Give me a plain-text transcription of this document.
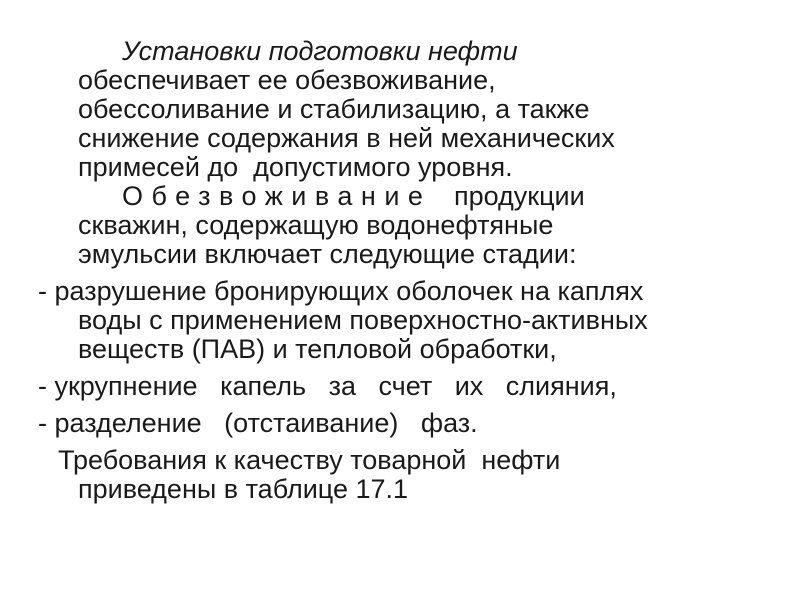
Установки подготовки нефти
обеспечивает ее обезвоживание,
обессоливание и стабилизацию, а также
снижение содержания в ней механических
примесей до  допустимого уровня.
Обезвоживание   продукции
скважин, содержащую водонефтяные
эмульсии включает следующие стадии:
- разрушение бронирующих оболочек на каплях
воды с применением поверхностно-активных
веществ (ПАВ) и тепловой обработки,
- укрупнение   капель   за   счет   их   слияния,
- разделение   (отстаивание)   фаз.
Требования к качеству товарной  нефти
приведены в таблице 17.1
